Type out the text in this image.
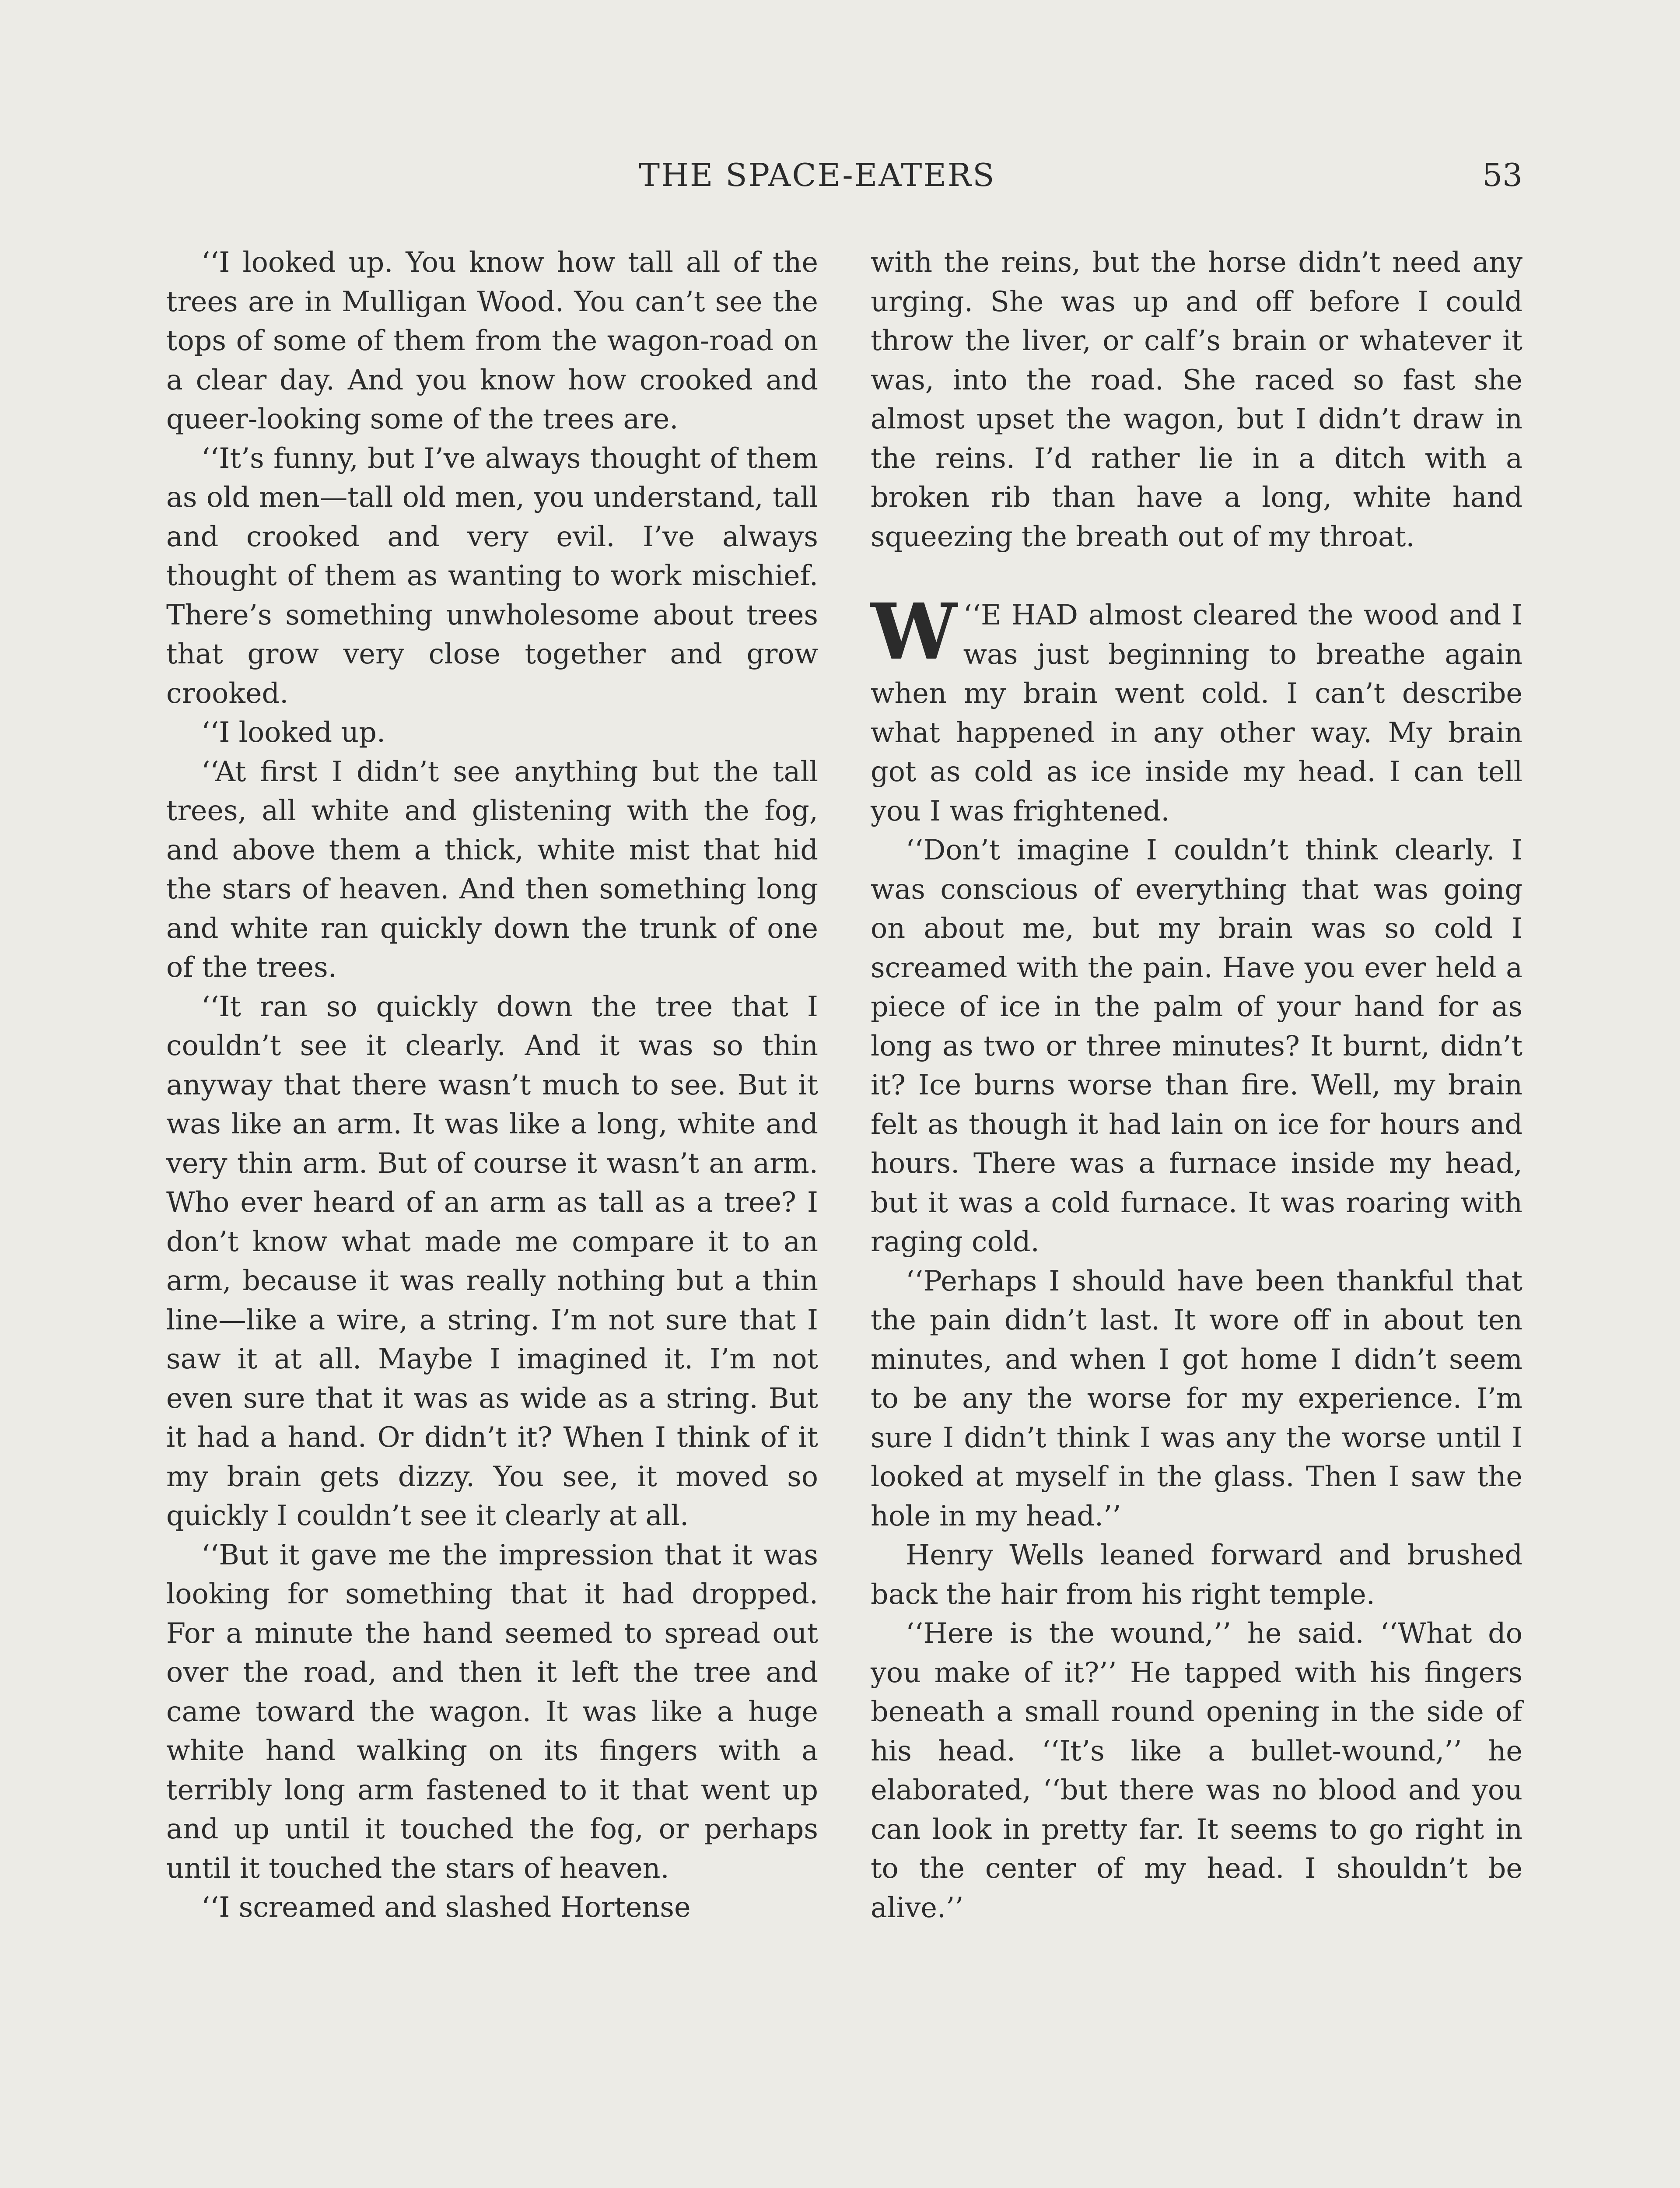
THE SPACE-EATERS	53

‘‘I looked up. You know how tall all of the trees are in Mulligan Wood. You can’t see the tops of some of them from the wagon-road on a clear day. And you know how crooked and queer-looking some of the trees are.

‘‘It’s funny, but I’ve always thought of them as old men—tall old men, you understand, tall and crooked and very evil. I’ve always thought of them as wanting to work mischief. There’s something unwholesome about trees that grow very close together and grow crooked.

‘‘I looked up.

‘‘At first I didn’t see anything but the tall trees, all white and glistening with the fog, and above them a thick, white mist that hid the stars of heaven. And then something long and white ran quickly down the trunk of one of the trees.

‘‘It ran so quickly down the tree that I couldn’t see it clearly. And it was so thin anyway that there wasn’t much to see. But it was like an arm. It was like a long, white and very thin arm. But of course it wasn’t an arm. Who ever heard of an arm as tall as a tree? I don’t know what made me compare it to an arm, because it was really nothing but a thin line—like a wire, a string. I’m not sure that I saw it at all. Maybe I imagined it. I’m not even sure that it was as wide as a string. But it had a hand. Or didn’t it? When I think of it my brain gets dizzy. You see, it moved so quickly I couldn’t see it clearly at all.

‘‘But it gave me the impression that it was looking for something that it had dropped. For a minute the hand seemed to spread out over the road, and then it left the tree and came toward the wagon. It was like a huge white hand walking on its fingers with a terribly long arm fastened to it that went up and up until it touched the fog, or perhaps until it touched the stars of heaven.

‘‘I screamed and slashed Hortense

with the reins, but the horse didn’t need any urging. She was up and off before I could throw the liver, or calf’s brain or whatever it was, into the road. She raced so fast she almost upset the wagon, but I didn’t draw in the reins. I’d rather lie in a ditch with a broken rib than have a long, white hand squeezing the breath out of my throat.

‘‘
W E HAD almost cleared the wood and I was just beginning to breathe again when my brain went cold. I can’t describe what happened in any other way. My brain got as cold as ice inside my head. I can tell you I was frightened.

‘‘Don’t imagine I couldn’t think clearly. I was conscious of everything that was going on about me, but my brain was so cold I screamed with the pain. Have you ever held a piece of ice in the palm of your hand for as long as two or three minutes? It burnt, didn’t it? Ice burns worse than fire. Well, my brain felt as though it had lain on ice for hours and hours. There was a furnace inside my head, but it was a cold furnace. It was roaring with raging cold.

‘‘Perhaps I should have been thankful that the pain didn’t last. It wore off in about ten minutes, and when I got home I didn’t seem to be any the worse for my experience. I’m sure I didn’t think I was any the worse until I looked at myself in the glass. Then I saw the hole in my head.’’

Henry Wells leaned forward and brushed back the hair from his right temple.

‘‘Here is the wound,’’ he said. ‘‘What do you make of it?’’ He tapped with his fingers beneath a small round opening in the side of his head. ‘‘It’s like a bullet-wound,’’ he elaborated, ‘‘but there was no blood and you can look in pretty far. It seems to go right in to the center of my head. I shouldn’t be alive.’’
